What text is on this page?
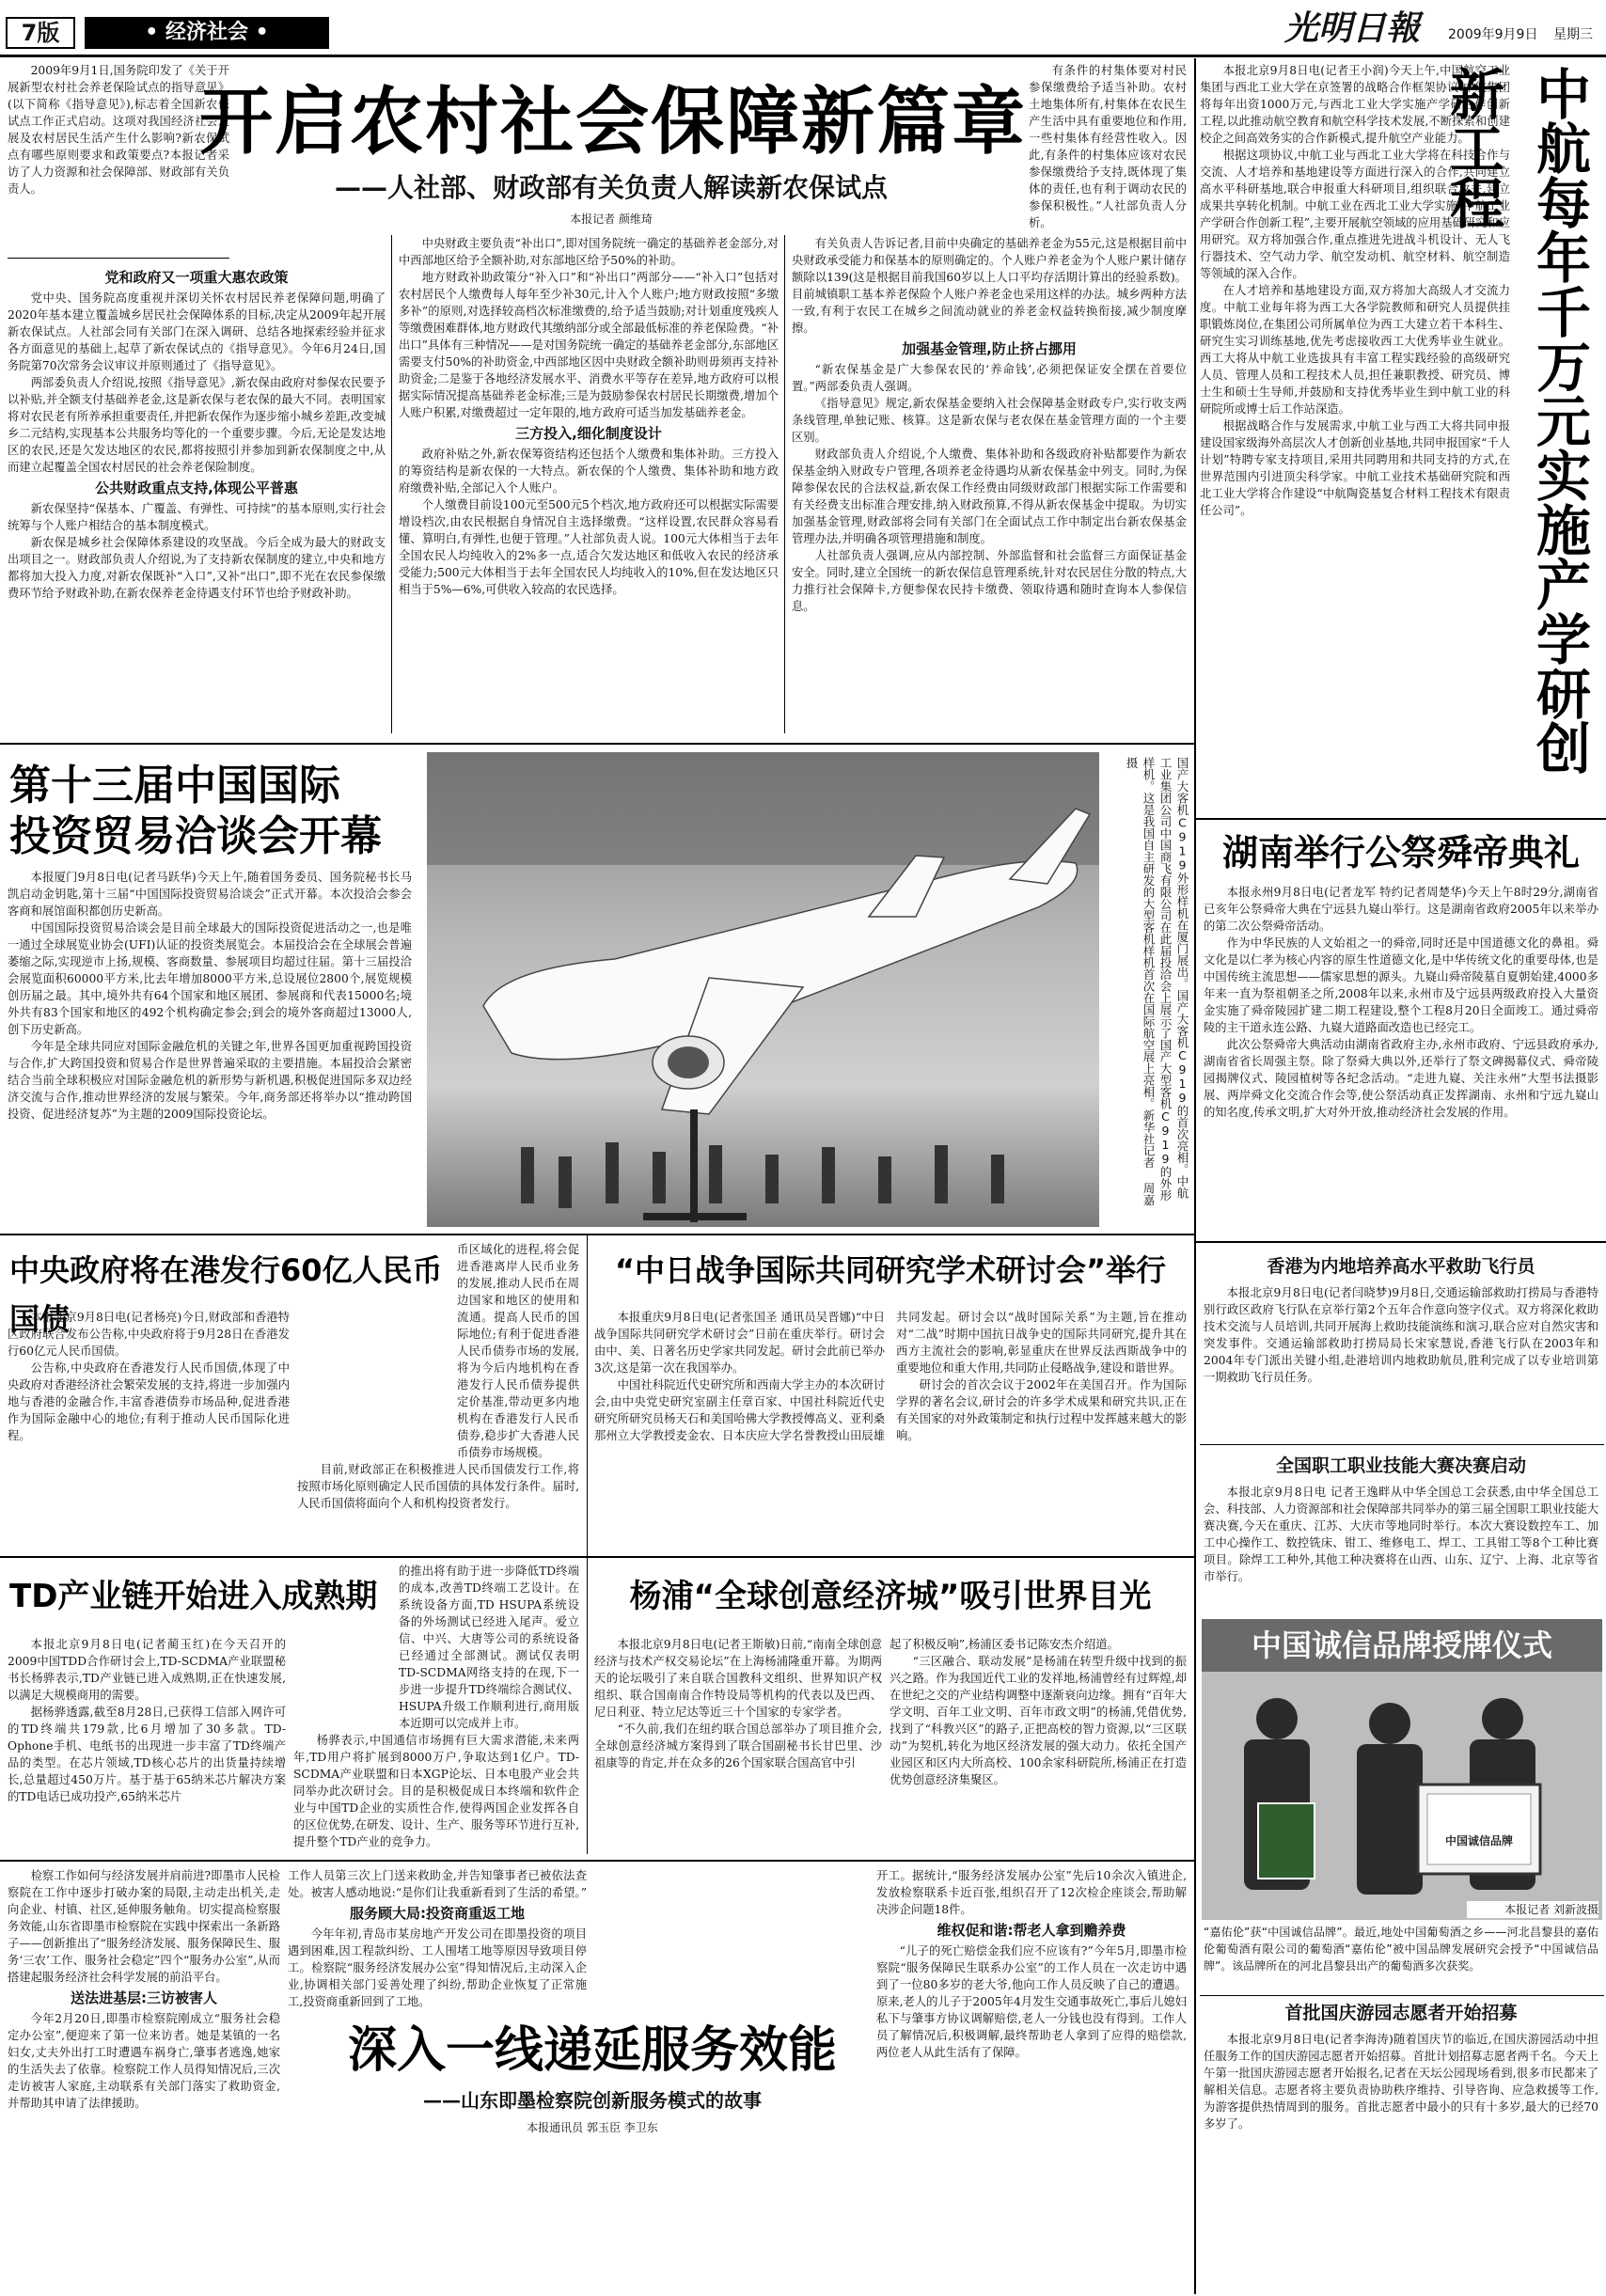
7版	• 经济社会 •	光明日報	2009年9月9日	星期三
2009年9月1日,国务院印发了《关于开展新型农村社会养老保险试点的指导意见》(以下简称《指导意见》),标志着全国新农保试点工作正式启动。这项对我国经济社会发展及农村居民生活产生什么影响?新农保试点有哪些原则要求和政策要点?本报记者采访了人力资源和社会保障部、财政部有关负责人。
开启农村社会保障新篇章
——人社部、财政部有关负责人解读新农保试点
本报记者 颜维琦
党和政府又一项重大惠农政策
党中央、国务院高度重视并深切关怀农村居民养老保障问题,明确了2020年基本建立覆盖城乡居民社会保障体系的目标,决定从2009年起开展新农保试点。人社部会同有关部门在深入调研、总结各地探索经验并征求各方面意见的基础上,起草了新农保试点的《指导意见》。今年6月24日,国务院第70次常务会议审议并原则通过了《指导意见》。
两部委负责人介绍说,按照《指导意见》,新农保由政府对参保农民要予以补贴,并全额支付基础养老金,这是新农保与老农保的最大不同。表明国家将对农民老有所养承担重要责任,并把新农保作为逐步缩小城乡差距,改变城乡二元结构,实现基本公共服务均等化的一个重要步骤。今后,无论是发达地区的农民,还是欠发达地区的农民,都将按照引并参加到新农保制度之中,从而建立起覆盖全国农村居民的社会养老保险制度。
公共财政重点支持,体现公平普惠
新农保坚持“保基本、广覆盖、有弹性、可持续”的基本原则,实行社会统筹与个人账户相结合的基本制度模式。
新农保是城乡社会保障体系建设的攻坚战。今后全成为最大的财政支出项目之一。财政部负责人介绍说,为了支持新农保制度的建立,中央和地方都将加大投入力度,对新农保既补“入口”,又补“出口”,即不光在农民参保缴费环节给予财政补助,在新农保养老金待遇支付环节也给予财政补助。
中央财政主要负责“补出口”,即对国务院统一确定的基础养老金部分,对中西部地区给予全额补助,对东部地区给予50%的补助。
地方财政补助政策分“补入口”和“补出口”两部分——“补入口”包括对农村居民个人缴费每人每年至少补30元,计入个人账户;地方财政按照“多缴多补”的原则,对选择较高档次标准缴费的,给予适当鼓励;对计划重度残疾人等缴费困难群体,地方财政代其缴纳部分或全部最低标准的养老保险费。“补出口”具体有三种情况——是对国务院统一确定的基础养老金部分,东部地区需要支付50%的补助资金,中西部地区因中央财政全额补助则毋须再支持补助资金;二是鉴于各地经济发展水平、消费水平等存在差异,地方政府可以根据实际情况提高基础养老金标准;三是为鼓励参保农村居民长期缴费,增加个人账户积累,对缴费超过一定年限的,地方政府可适当加发基础养老金。
三方投入,细化制度设计
政府补贴之外,新农保筹资结构还包括个人缴费和集体补助。三方投入的筹资结构是新农保的一大特点。新农保的个人缴费、集体补助和地方政府缴费补贴,全部记入个人账户。
个人缴费目前设100元至500元5个档次,地方政府还可以根据实际需要增设档次,由农民根据自身情况自主选择缴费。“这样设置,农民群众容易看懂、算明白,有弹性,也便于管理。”人社部负责人说。100元大体相当于去年全国农民人均纯收入的2%多一点,适合欠发达地区和低收入农民的经济承受能力;500元大体相当于去年全国农民人均纯收入的10%,但在发达地区只相当于5%—6%,可供收入较高的农民选择。
有条件的村集体要对村民参保缴费给予适当补助。农村土地集体所有,村集体在农民生产生活中具有重要地位和作用,一些村集体有经营性收入。因此,有条件的村集体应该对农民参保缴费给予支持,既体现了集体的责任,也有利于调动农民的参保积极性。”人社部负责人分析。
有关负责人告诉记者,目前中央确定的基础养老金为55元,这是根据目前中央财政承受能力和保基本的原则确定的。个人账户养老金为个人账户累计储存额除以139(这是根据目前我国60岁以上人口平均存活期计算出的经验系数)。目前城镇职工基本养老保险个人账户养老金也采用这样的办法。城乡两种方法一致,有利于农民工在城乡之间流动就业的养老金权益转换衔接,减少制度摩擦。
加强基金管理,防止挤占挪用
“新农保基金是广大参保农民的‘养命钱’,必须把保证安全摆在首要位置。”两部委负责人强调。
《指导意见》规定,新农保基金要纳入社会保障基金财政专户,实行收支两条线管理,单独记账、核算。这是新农保与老农保在基金管理方面的一个主要区别。
财政部负责人介绍说,个人缴费、集体补助和各级政府补贴都要作为新农保基金纳入财政专户管理,各项养老金待遇均从新农保基金中列支。同时,为保障参保农民的合法权益,新农保工作经费由同级财政部门根据实际工作需要和有关经费支出标准合理安排,纳入财政预算,不得从新农保基金中提取。为切实加强基金管理,财政部将会同有关部门在全面试点工作中制定出台新农保基金管理办法,并明确各项管理措施和制度。
人社部负责人强调,应从内部控制、外部监督和社会监督三方面保证基金安全。同时,建立全国统一的新农保信息管理系统,针对农民居住分散的特点,大力推行社会保障卡,方便参保农民持卡缴费、领取待遇和随时查询本人参保信息。
本报北京9月8日电(记者王小润)今天上午,中国航空工业集团与西北工业大学在京签署的战略合作框架协议:中航集团将每年出资1000万元,与西北工业大学实施产学研合作创新工程,以此推动航空教育和航空科学技术发展,不断探索和创建校企之间高效务实的合作新模式,提升航空产业能力。
根据这项协议,中航工业与西北工业大学将在科技合作与交流、人才培养和基地建设等方面进行深入的合作,共同建立高水平科研基地,联合申报重大科研项目,组织联合攻关,建立成果共享转化机制。中航工业在西北工业大学实施“中航工业产学研合作创新工程”,主要开展航空领域的应用基础研究和应用研究。双方将加强合作,重点推进先进战斗机设计、无人飞行器技术、空气动力学、航空发动机、航空材料、航空制造等领域的深入合作。
在人才培养和基地建设方面,双方将加大高级人才交流力度。中航工业每年将为西工大各学院教师和研究人员提供挂职锻炼岗位,在集团公司所属单位为西工大建立若干本科生、研究生实习训练基地,优先考虑接收西工大优秀毕业生就业。西工大将从中航工业选拔具有丰富工程实践经验的高级研究人员、管理人员和工程技术人员,担任兼职教授、研究员、博士生和硕士生导师,并鼓励和支持优秀毕业生到中航工业的科研院所或博士后工作站深造。
根据战略合作与发展需求,中航工业与西工大将共同申报建设国家级海外高层次人才创新创业基地,共同申报国家“千人计划”特聘专家支持项目,采用共同聘用和共同支持的方式,在世界范围内引进顶尖科学家。中航工业技术基础研究院和西北工业大学将合作建设“中航陶瓷基复合材料工程技术有限责任公司”。	中航每年千万元实施产学研创新工程
第十三届中国国际
投资贸易洽谈会开幕
本报厦门9月8日电(记者马跃华)今天上午,随着国务委员、国务院秘书长马凯启动金钥匙,第十三届“中国国际投资贸易洽谈会”正式开幕。本次投洽会参会客商和展馆面积都创历史新高。
中国国际投资贸易洽谈会是目前全球最大的国际投资促进活动之一,也是唯一通过全球展览业协会(UFI)认证的投资类展览会。本届投洽会在全球展会普遍萎缩之际,实现逆市上扬,规模、客商数量、参展项目均超过往届。第十三届投洽会展览面积60000平方米,比去年增加8000平方米,总设展位2800个,展览规模创历届之最。其中,境外共有64个国家和地区展团、参展商和代表15000名;境外共有83个国家和地区的492个机构确定参会;到会的境外客商超过13000人,创下历史新高。
今年是全球共同应对国际金融危机的关键之年,世界各国更加重视跨国投资与合作,扩大跨国投资和贸易合作是世界普遍采取的主要措施。本届投洽会紧密结合当前全球积极应对国际金融危机的新形势与新机遇,积极促进国际多双边经济交流与合作,推动世界经济的发展与繁荣。今年,商务部还将举办以“推动跨国投资、促进经济复苏”为主题的2009国际投资论坛。	国产大客机C919外形样机在厦门展出。国产大客机C919的首次亮相。中航工业集团公司中国商飞有限公司在此届投洽会上展示了国产大型客机C919的外形样机。这是我国自主研发的大型客机样机首次在国际航空展上亮相。新华社记者 周嘉摄
湖南举行公祭舜帝典礼
本报永州9月8日电(记者龙军 特约记者周楚华)今天上午8时29分,湖南省已亥年公祭舜帝大典在宁远县九嶷山举行。这是湖南省政府2005年以来举办的第二次公祭舜帝活动。
作为中华民族的人文始祖之一的舜帝,同时还是中国道德文化的鼻祖。舜文化是以仁孝为核心内容的原生性道德文化,是中华传统文化的重要母体,也是中国传统主流思想——儒家思想的源头。九嶷山舜帝陵墓自夏朝始建,4000多年来一直为祭祖朝圣之所,2008年以来,永州市及宁远县两级政府投入大量资金实施了舜帝陵园扩建二期工程建设,整个工程8月20日全面竣工。通过舜帝陵的主干道永连公路、九嶷大道路面改造也已经完工。
此次公祭舜帝大典活动由湖南省政府主办,永州市政府、宁远县政府承办,湖南省省长周强主祭。除了祭舜大典以外,还举行了祭文碑揭幕仪式、舜帝陵园揭牌仪式、陵园植树等各纪念活动。“走进九嶷、关注永州”大型书法摄影展、两岸舜文化交流合作会等,使公祭活动真正发挥湖南、永州和宁远九嶷山的知名度,传承文明,扩大对外开放,推动经济社会发展的作用。
中央政府将在港发行60亿人民币国债
本报北京9月8日电(记者杨亮)今日,财政部和香港特区政府联合发布公告称,中央政府将于9月28日在香港发行60亿元人民币国债。
公告称,中央政府在香港发行人民币国债,体现了中央政府对香港经济社会繁荣发展的支持,将进一步加强内地与香港的金融合作,丰富香港债券市场品种,促进香港作为国际金融中心的地位;有利于推动人民币国际化进程。
币区域化的进程,将会促进香港离岸人民币业务的发展,推动人民币在周边国家和地区的使用和流通。提高人民币的国际地位;有利于促进香港人民币债券市场的发展,将为今后内地机构在香港发行人民币债券提供定价基准,带动更多内地机构在香港发行人民币债券,稳步扩大香港人民币债券市场规模。
目前,财政部正在积极推进人民币国债发行工作,将按照市场化原则确定人民币国债的具体发行条件。届时,人民币国债将面向个人和机构投资者发行。
“中日战争国际共同研究学术研讨会”举行
本报重庆9月8日电(记者张国圣 通讯员吴晋娜)“中日战争国际共同研究学术研讨会”日前在重庆举行。研讨会由中、美、日著名历史学家共同发起。研讨会此前已举办3次,这是第一次在我国举办。
中国社科院近代史研究所和西南大学主办的本次研讨会,由中央党史研究室副主任章百家、中国社科院近代史研究所研究员杨天石和美国哈佛大学教授傅高义、亚利桑那州立大学教授麦金农、日本庆应大学名誉教授山田辰雄共同发起。研讨会以“战时国际关系”为主题,旨在推动对“二战”时期中国抗日战争史的国际共同研究,提升其在西方主流社会的影响,彰显重庆在世界反法西斯战争中的重要地位和重大作用,共同防止侵略战争,建设和谐世界。
研讨会的首次会议于2002年在美国召开。作为国际学界的著名会议,研讨会的许多学术成果和研究共识,正在有关国家的对外政策制定和执行过程中发挥越来越大的影响。
TD产业链开始进入成熟期
本报北京9月8日电(记者蔺玉红)在今天召开的2009中国TDD合作研讨会上,TD-SCDMA产业联盟秘书长杨骅表示,TD产业链已进入成熟期,正在快速发展,以满足大规模商用的需要。
据杨骅透露,截至8月28日,已获得工信部入网许可的TD终端共179款,比6月增加了30多款。TD-Ophone手机、电纸书的出现进一步丰富了TD终端产品的类型。在芯片领域,TD核心芯片的出货量持续增长,总量超过450万片。基于基于65纳米芯片解决方案的TD电话已成功投产,65纳米芯片
的推出将有助于进一步降低TD终端的成本,改善TD终端工艺设计。在系统设备方面,TD HSUPA系统设备的外场测试已经进入尾声。爱立信、中兴、大唐等公司的系统设备已经通过全部测试。测试仅表明TD-SCDMA网络支持的在现,下一步进一步提升TD终端综合测试仪、HSUPA升级工作顺利进行,商用版本近期可以完成并上市。
杨骅表示,中国通信市场拥有巨大需求潜能,未来两年,TD用户将扩展到8000万户,争取达到1亿户。TD-SCDMA产业联盟和日本XGP论坛、日本电股产业会共同举办此次研讨会。目的是积极促成日本终端和软件企业与中国TD企业的实质性合作,使得两国企业发挥各自的区位优势,在研发、设计、生产、服务等环节进行互补,提升整个TD产业的竞争力。
杨浦“全球创意经济城”吸引世界目光
本报北京9月8日电(记者王斯敏)日前,“南南全球创意经济与技术产权交易论坛”在上海杨浦隆重开幕。为期两天的论坛吸引了来自联合国教科文组织、世界知识产权组织、联合国南南合作特设局等机构的代表以及巴西、尼日利亚、特立尼达等近三十个国家的专家学者。
“不久前,我们在纽约联合国总部举办了项目推介会,全球创意经济城方案得到了联合国副秘书长甘巴里、沙祖康等的肯定,并在众多的26个国家联合国高官中引
起了积极反响”,杨浦区委书记陈安杰介绍道。
“三区融合、联动发展”是杨浦在转型升级中找到的振兴之路。作为我国近代工业的发祥地,杨浦曾经有过辉煌,却在世纪之交的产业结构调整中逐渐衰向边缘。拥有“百年大学文明、百年工业文明、百年市政文明”的杨浦,凭借优势,找到了“科教兴区”的路子,正把高校的智力资源,以“三区联动”为契机,转化为地区经济发展的强大动力。依托全国产业园区和区内大所高校、100余家科研院所,杨浦正在打造优势创意经济集聚区。
香港为内地培养高水平救助飞行员
本报北京9月8日电(记者闫晓梦)9月8日,交通运输部救助打捞局与香港特别行政区政府飞行队在京举行第2个五年合作意向签字仪式。双方将深化救助技术交流与人员培训,共同开展海上救助技能演练和演习,联合应对自然灾害和突发事件。交通运输部救助打捞局局长宋家慧说,香港飞行队在2003年和2004年专门派出关键小组,赴港培训内地救助航员,胜利完成了以专业培训第一期救助飞行员任务。
全国职工职业技能大赛决赛启动
本报北京9月8日电 记者王逸畔从中华全国总工会获悉,由中华全国总工会、科技部、人力资源部和社会保障部共同举办的第三届全国职工职业技能大赛决赛,今天在重庆、江苏、大庆市等地同时举行。本次大赛设数控车工、加工中心操作工、数控铣床、钳工、维修电工、焊工、工具钳工等8个工种比赛项目。除焊工工种外,其他工种决赛将在山西、山东、辽宁、上海、北京等省市举行。
中国诚信品牌授牌仪式
中国诚信品牌
“嘉佑伦”获“中国诚信品牌”。最近,地处中国葡萄酒之乡——河北昌黎县的嘉佑伦葡萄酒有限公司的葡萄酒“嘉佑伦”被中国品牌发展研究会授予“中国诚信品牌”。该品牌所在的河北昌黎县出产的葡萄酒多次获奖。
本报记者 刘新波摄
首批国庆游园志愿者开始招募
本报北京9月8日电(记者李海涛)随着国庆节的临近,在国庆游园活动中担任服务工作的国庆游园志愿者开始招募。首批计划招募志愿者两千名。今天上午第一批国庆游园志愿者开始报名,记者在天坛公园现场看到,很多市民都来了解相关信息。志愿者将主要负责协助秩序维持、引导咨询、应急救援等工作,为游客提供热情周到的服务。首批志愿者中最小的只有十多岁,最大的已经70多岁了。
检察工作如何与经济发展并肩前进?即墨市人民检察院在工作中逐步打破办案的局限,主动走出机关,走向企业、村镇、社区,延伸服务触角。切实提高检察服务效能,山东省即墨市检察院在实践中探索出一条新路子——创新推出了“服务经济发展、服务保障民生、服务‘三农’工作、服务社会稳定”四个“服务办公室”,从而搭建起服务经济社会科学发展的前沿平台。
送法进基层:三访被害人
今年2月20日,即墨市检察院刚成立“服务社会稳定办公室”,便迎来了第一位来访者。她是某镇的一名妇女,丈夫外出打工时遭遇车祸身亡,肇事者逃逸,她家的生活失去了依靠。检察院工作人员得知情况后,三次走访被害人家庭,主动联系有关部门落实了救助资金,并帮助其申请了法律援助。
工作人员第三次上门送来救助金,并告知肇事者已被依法查处。被害人感动地说:“是你们让我重新看到了生活的希望。”
服务顾大局:投资商重返工地
今年年初,青岛市某房地产开发公司在即墨投资的项目遇到困难,因工程款纠纷、工人围堵工地等原因导致项目停工。检察院“服务经济发展办公室”得知情况后,主动深入企业,协调相关部门妥善处理了纠纷,帮助企业恢复了正常施工,投资商重新回到了工地。
深入一线递延服务效能
——山东即墨检察院创新服务模式的故事
本报通讯员 郭玉臣 李卫东
开工。据统计,“服务经济发展办公室”先后10余次入镇进企,发放检察联系卡近百张,组织召开了12次检企座谈会,帮助解决涉企问题18件。
维权促和谐:帮老人拿到赡养费
“儿子的死亡赔偿金我们应不应该有?”今年5月,即墨市检察院“服务保障民生联系办公室”的工作人员在一次走访中遇到了一位80多岁的老大爷,他向工作人员反映了自己的遭遇。原来,老人的儿子于2005年4月发生交通事故死亡,事后儿媳妇私下与肇事方协议调解赔偿,老人一分钱也没有得到。工作人员了解情况后,积极调解,最终帮助老人拿到了应得的赔偿款,两位老人从此生活有了保障。
